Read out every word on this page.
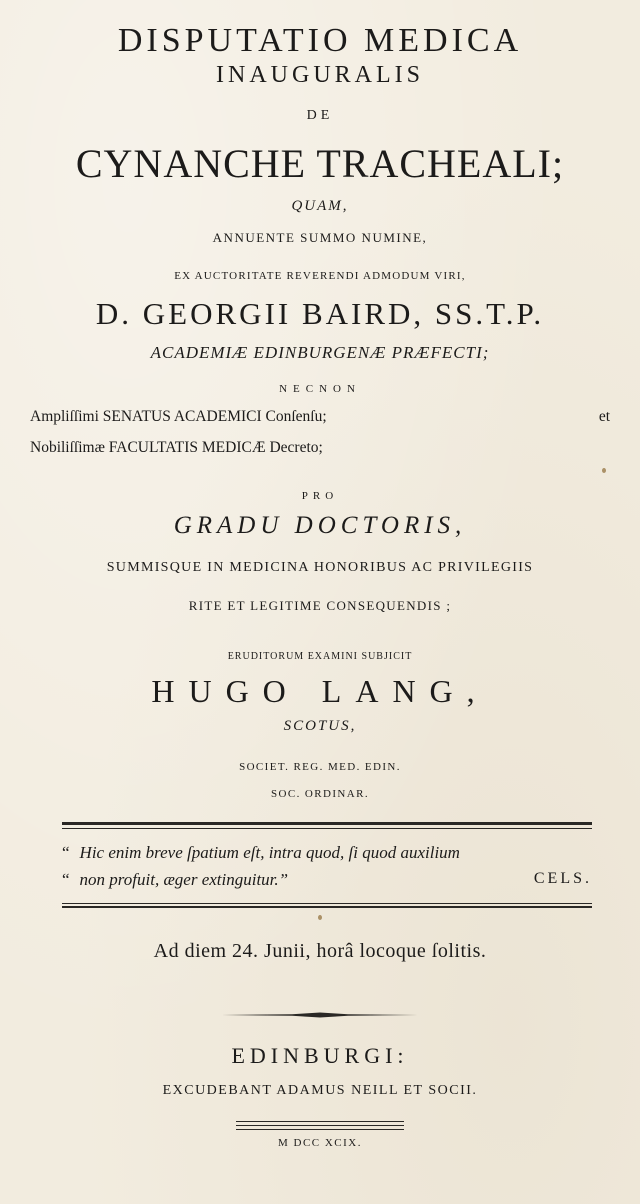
DISPUTATIO MEDICA
INAUGURALIS
DE
CYNANCHE TRACHEALI;
QUAM,
ANNUENTE SUMMO NUMINE,
EX AUCTORITATE REVERENDI ADMODUM VIRI,
D. GEORGII BAIRD, SS.T.P.
ACADEMIÆ EDINBURGENÆ PRÆFECTI;
NECNON
Ampliſſimi SENATUS ACADEMICI Conſenſu;	et
Nobiliſſimæ FACULTATIS MEDICÆ Decreto;
PRO
GRADU DOCTORIS,
SUMMISQUE IN MEDICINA HONORIBUS AC PRIVILEGIIS
RITE ET LEGITIME CONSEQUENDIS ;
ERUDITORUM EXAMINI SUBJICIT
HUGO LANG,
SCOTUS,
SOCIET. REG. MED. EDIN.
SOC. ORDINAR.
“ Hic enim breve ſpatium eſt, intra quod, ſi quod auxilium
“ non profuit, æger extinguitur.”	CELS.
Ad diem 24. Junii, horâ locoque ſolitis.
EDINBURGI:
EXCUDEBANT ADAMUS NEILL ET SOCII.
M DCC XCIX.
